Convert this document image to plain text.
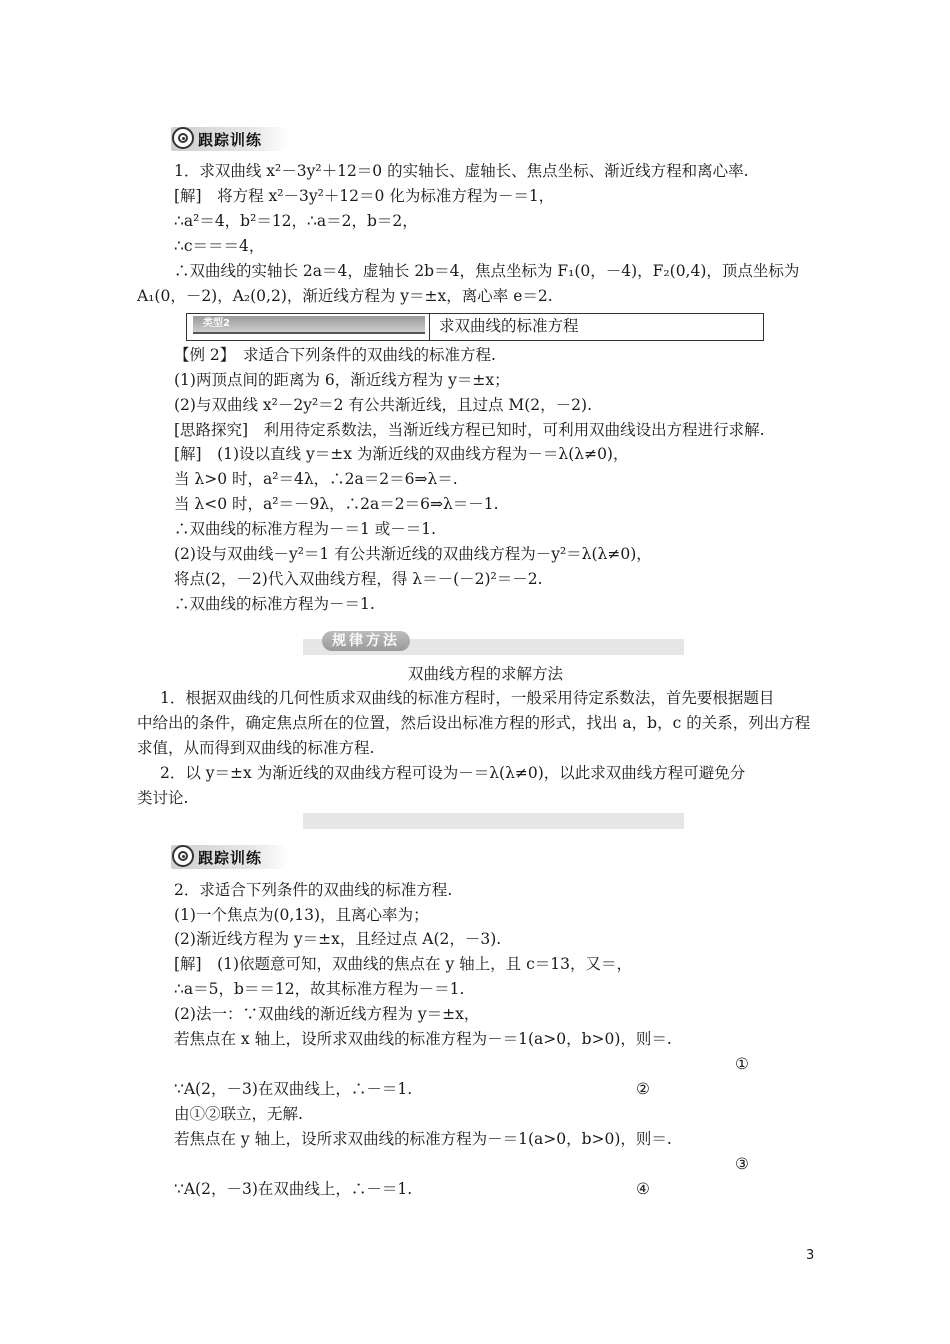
跟踪训练
类型2	求双曲线的标准方程
规律方法
双曲线方程的求解方法
跟踪训练
1．求双曲线 x²－3y²＋12＝0 的实轴长、虚轴长、焦点坐标、渐近线方程和离心率.
[解]　将方程 x²－3y²＋12＝0 化为标准方程为－＝1，
∴a²＝4，b²＝12，∴a＝2，b＝2，
∴c＝＝＝4，
∴双曲线的实轴长 2a＝4，虚轴长 2b＝4，焦点坐标为 F₁(0，－4)，F₂(0,4)，顶点坐标为
A₁(0，－2)，A₂(0,2)，渐近线方程为 y＝±x，离心率 e＝2.
【例 2】　求适合下列条件的双曲线的标准方程.
(1)两顶点间的距离为 6，渐近线方程为 y＝±x；
(2)与双曲线 x²－2y²＝2 有公共渐近线，且过点 M(2，－2).
[思路探究]　利用待定系数法，当渐近线方程已知时，可利用双曲线设出方程进行求解.
[解]　(1)设以直线 y＝±x 为渐近线的双曲线方程为－＝λ(λ≠0)，
当 λ>0 时，a²＝4λ，∴2a＝2＝6⇒λ＝.
当 λ<0 时，a²＝－9λ，∴2a＝2＝6⇒λ＝－1.
∴双曲线的标准方程为－＝1 或－＝1.
(2)设与双曲线－y²＝1 有公共渐近线的双曲线方程为－y²＝λ(λ≠0)，
将点(2，－2)代入双曲线方程，得 λ＝－(－2)²＝－2.
∴双曲线的标准方程为－＝1.
1．根据双曲线的几何性质求双曲线的标准方程时，一般采用待定系数法，首先要根据题目
中给出的条件，确定焦点所在的位置，然后设出标准方程的形式，找出 a，b，c 的关系，列出方程
求值，从而得到双曲线的标准方程.
2．以 y＝±x 为渐近线的双曲线方程可设为－＝λ(λ≠0)，以此求双曲线方程可避免分
类讨论.
2．求适合下列条件的双曲线的标准方程.
(1)一个焦点为(0,13)，且离心率为；
(2)渐近线方程为 y＝±x，且经过点 A(2，－3).
[解]　(1)依题意可知，双曲线的焦点在 y 轴上，且 c＝13，又＝，
∴a＝5，b＝＝12，故其标准方程为－＝1.
(2)法一：∵双曲线的渐近线方程为 y＝±x，
若焦点在 x 轴上，设所求双曲线的标准方程为－＝1(a>0，b>0)，则＝.
①
∵A(2，－3)在双曲线上，∴－＝1.	②
由①②联立，无解.
若焦点在 y 轴上，设所求双曲线的标准方程为－＝1(a>0，b>0)，则＝.
③
∵A(2，－3)在双曲线上，∴－＝1.	④
3
